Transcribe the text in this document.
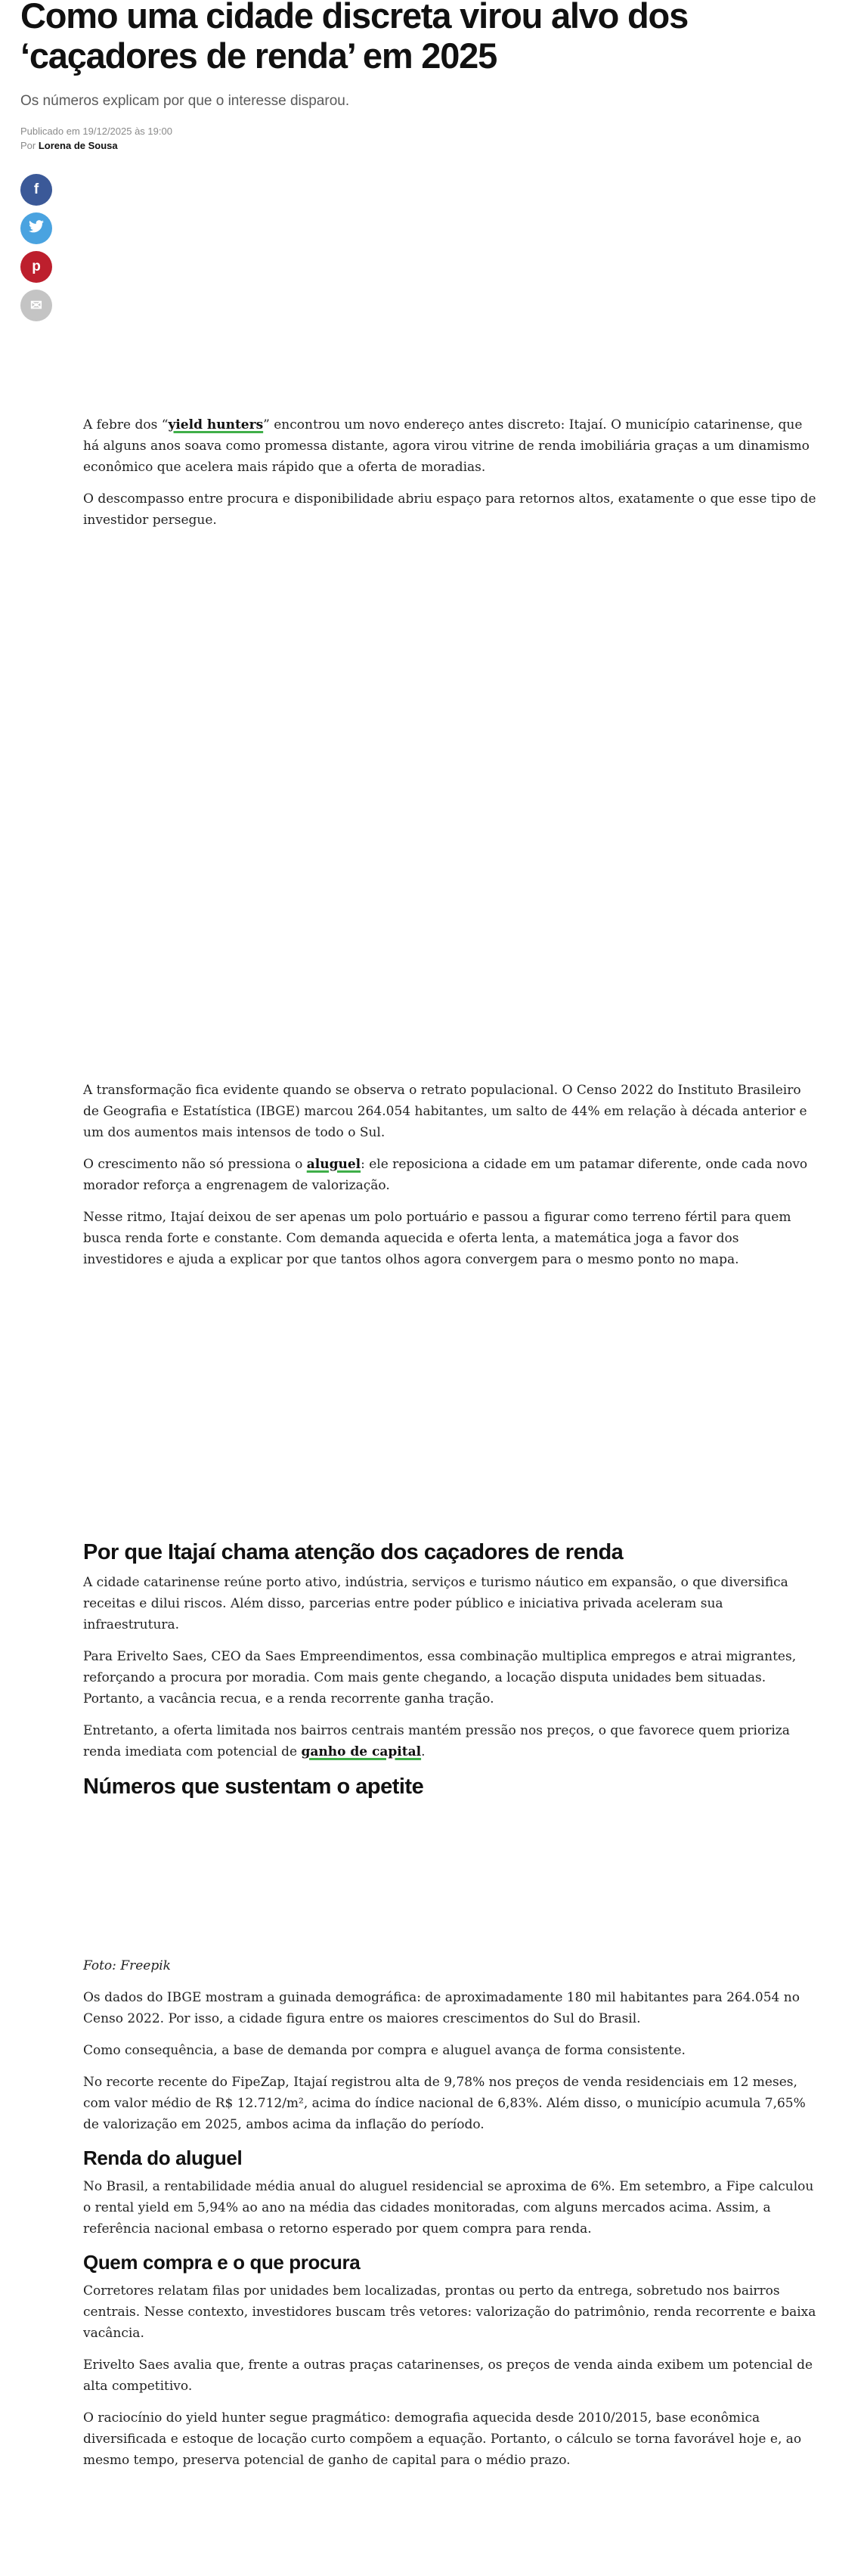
Como uma cidade discreta virou alvo dos ‘caçadores de renda’ em 2025

Os números explicam por que o interesse disparou.

Publicado em 19/12/2025 às 19:00
Por Lorena de Sousa
f
p
✉

A febre dos “yield hunters” encontrou um novo endereço antes discreto: Itajaí. O município catarinense, que há alguns anos soava como promessa distante, agora virou vitrine de renda imobiliária graças a um dinamismo econômico que acelera mais rápido que a oferta de moradias.

O descompasso entre procura e disponibilidade abriu espaço para retornos altos, exatamente o que esse tipo de investidor persegue.

A transformação fica evidente quando se observa o retrato populacional. O Censo 2022 do Instituto Brasileiro de Geografia e Estatística (IBGE) marcou 264.054 habitantes, um salto de 44% em relação à década anterior e um dos aumentos mais intensos de todo o Sul.

O crescimento não só pressiona o aluguel: ele reposiciona a cidade em um patamar diferente, onde cada novo morador reforça a engrenagem de valorização.

Nesse ritmo, Itajaí deixou de ser apenas um polo portuário e passou a figurar como terreno fértil para quem busca renda forte e constante. Com demanda aquecida e oferta lenta, a matemática joga a favor dos investidores e ajuda a explicar por que tantos olhos agora convergem para o mesmo ponto no mapa.

Por que Itajaí chama atenção dos caçadores de renda

A cidade catarinense reúne porto ativo, indústria, serviços e turismo náutico em expansão, o que diversifica receitas e dilui riscos. Além disso, parcerias entre poder público e iniciativa privada aceleram sua infraestrutura.

Para Erivelto Saes, CEO da Saes Empreendimentos, essa combinação multiplica empregos e atrai migrantes, reforçando a procura por moradia. Com mais gente chegando, a locação disputa unidades bem situadas. Portanto, a vacância recua, e a renda recorrente ganha tração.

Entretanto, a oferta limitada nos bairros centrais mantém pressão nos preços, o que favorece quem prioriza renda imediata com potencial de ganho de capital.

Números que sustentam o apetite

Foto: Freepik

Os dados do IBGE mostram a guinada demográfica: de aproximadamente 180 mil habitantes para 264.054 no Censo 2022. Por isso, a cidade figura entre os maiores crescimentos do Sul do Brasil.

Como consequência, a base de demanda por compra e aluguel avança de forma consistente.

No recorte recente do FipeZap, Itajaí registrou alta de 9,78% nos preços de venda residenciais em 12 meses, com valor médio de R$ 12.712/m², acima do índice nacional de 6,83%. Além disso, o município acumula 7,65% de valorização em 2025, ambos acima da inflação do período.

Renda do aluguel

No Brasil, a rentabilidade média anual do aluguel residencial se aproxima de 6%. Em setembro, a Fipe calculou o rental yield em 5,94% ao ano na média das cidades monitoradas, com alguns mercados acima. Assim, a referência nacional embasa o retorno esperado por quem compra para renda.

Quem compra e o que procura

Corretores relatam filas por unidades bem localizadas, prontas ou perto da entrega, sobretudo nos bairros centrais. Nesse contexto, investidores buscam três vetores: valorização do patrimônio, renda recorrente e baixa vacância.

Erivelto Saes avalia que, frente a outras praças catarinenses, os preços de venda ainda exibem um potencial de alta competitivo.

O raciocínio do yield hunter segue pragmático: demografia aquecida desde 2010/2015, base econômica diversificada e estoque de locação curto compõem a equação. Portanto, o cálculo se torna favorável hoje e, ao mesmo tempo, preserva potencial de ganho de capital para o médio prazo.
